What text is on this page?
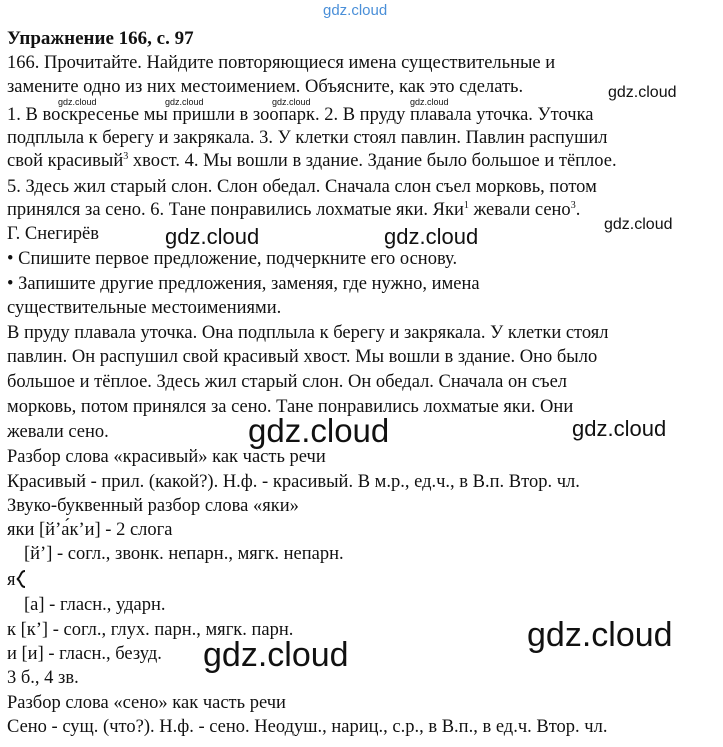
gdz.cloud
Упражнение 166, с. 97
166. Прочитайте. Найдите повторяющиеся имена существительные и
замените одно из них местоимением. Объясните, как это сделать.
1. В воскресенье мы пришли в зоопарк. 2. В пруду плавала уточка. Уточка
подплыла к берегу и закрякала. 3. У клетки стоял павлин. Павлин распушил
свой красивый$^3$ хвост. 4. Мы вошли в здание. Здание было большое и тёплое.
5. Здесь жил старый слон. Слон обедал. Сначала слон съел морковь, потом
принялся за сено. 6. Тане понравились лохматые яки. Яки$^1$ жевали сено$^3$.
Г. Снегирёв
• Спишите первое предложение, подчеркните его основу.
• Запишите другие предложения, заменяя, где нужно, имена
существительные местоимениями.
В пруду плавала уточка. Она подплыла к берегу и закрякала. У клетки стоял
павлин. Он распушил свой красивый хвост. Мы вошли в здание. Оно было
большое и тёплое. Здесь жил старый слон. Он обедал. Сначала он съел
морковь, потом принялся за сено. Тане понравились лохматые яки. Они
жевали сено.
Разбор слова «красивый» как часть речи
Красивый - прил. (какой?). Н.ф. - красивый. В м.р., ед.ч., в В.п. Втор. чл.
Звуко-буквенный разбор слова «яки»
яки [й’а́к’и] - 2 слога
[й’] - согл., звонк. непарн., мягк. непарн.
я
[а] - гласн., ударн.
к [к’] - согл., глух. парн., мягк. парн.
и [и] - гласн., безуд.
3 б., 4 зв.
Разбор слова «сено» как часть речи
Сено - сущ. (что?). Н.ф. - сено. Неодуш., нариц., с.р., в В.п., в ед.ч. Втор. чл.
gdz.cloud
gdz.cloud	gdz.cloud	gdz.cloud	gdz.cloud
gdz.cloud
gdz.cloud	gdz.cloud
gdz.cloud	gdz.cloud
gdz.cloud
gdz.cloud
